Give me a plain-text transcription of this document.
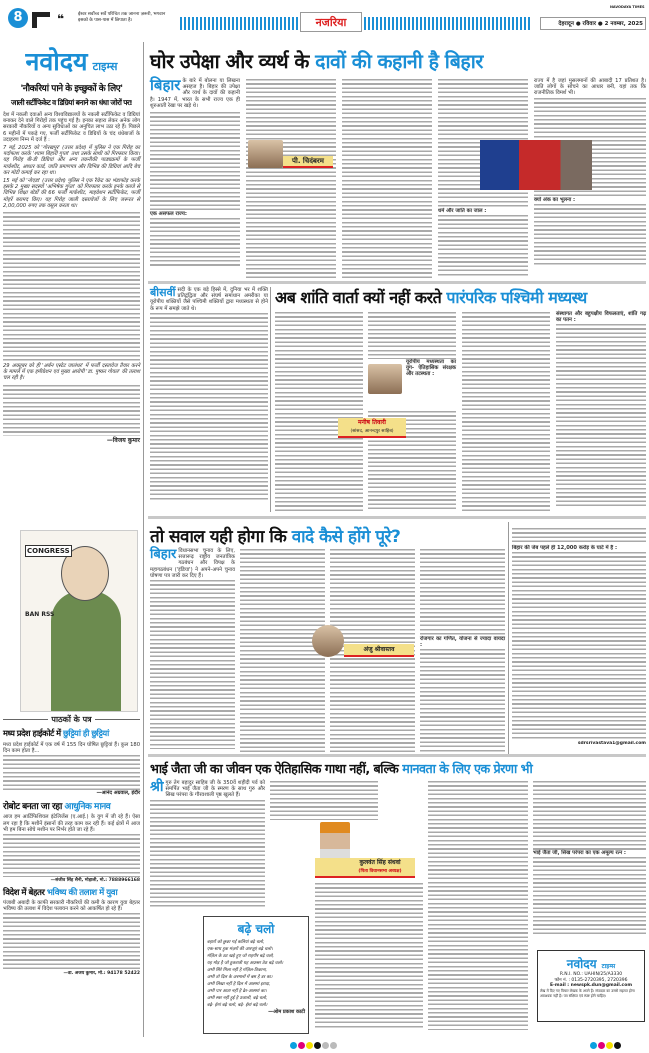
8	❝	ईश्वर सर्वोच्च सर्वे परिचित तक जानना ज़रूरी, भगवान इसको के पास-पास में छिपाता है।	नजरिया
NAVODAYA TIMES
देहरादून ● रविवार ● 2 नवम्बर, 2025
नवोदय टाइम्स
'नौकरियां पाने के इच्छुकों के लिए'
जाली सर्टीफिकेट व डिग्रियां बनाने का धंधा जोरों पर!

देश में नकली दवाओं अन्य विश्वविद्यालयों के नकली सर्टीफिकेट व डिग्रियां बनाकर देने वाले गिरोहों तक पहुंच गई है। इनका सहारा लेकर अनेक लोग सरकारी नौकरियों व अन्य सुविधाओं का अनुचित लाभ उठा रहे हैं। पिछले 6 महीनों में पकड़े गए, फर्जी सर्टीफिकेट व डिग्रियों के चंद धंधेबाजों के उदाहरण निम्न में दर्ज हैं :

7 मई, 2025 को 'गोरखपुर' (उत्तर प्रदेश) में पुलिस ने एक गिरोह का पर्दाफाश करके 'श्याम बिहारी गुप्ता' तथा उसके साथी को गिरफ्तार किया। यह गिरोह बी-डी डिग्रियां और अन्य तकनीकी पाठ्यक्रमों के फर्जी मार्कशीट, आधार कार्ड, जाति प्रमाणपत्र और विभिन्न की डिग्रियां आदि बेच कर मोटी कमाई कर रहा था।

15 मई को 'नोएडा' (उत्तर प्रदेश) पुलिस ने एक रैकेट का भंडाफोड़ करके इसके 2 मुख्य सदस्यों 'अभिषेक गुप्ता' को गिरफ्तार करके इनके कब्जे से विभिन्न शिक्षा बोर्डों की 66 फर्जी मार्कशीट, माइग्रेशन सर्टीफिकेट, फर्जी मोहरें बरामद किए। यह गिरोह जाली दस्तावेजों के लिए जरूरत से 2,00,000 रुपए तक वसूल करता था।

29 अक्तूबर को ही 'अर्बन एस्टेट जालंधर' में फर्जी दस्तावेज तैयार करने के मामले में एक इमीग्रेशन एवं मुख्य आरोपी 'डा. पुष्कर गोयल' की तलाश चल रही है।

—विजय कुमार
CONGRESS
BAN RSS
पाठकों के पत्र
मध्य प्रदेश हाईकोर्ट में छुट्टियां ही छुट्टियां

मध्य प्रदेश हाईकोर्ट में एक वर्ष में 155 दिन घोषित छुट्टियां हैं। कुल 180 दिन काम होता है...

—आनंद अग्रवाल, इंदौर
रोबोट बनता जा रहा आधुनिक मानव

आज हम आर्टिफिशियल इंटेलिजेंस (ए.आई.) के युग में जी रहे हैं। ऐसा लग रहा है कि मशीनें इंसानों की तरह काम कर रही हैं। कई क्षेत्रों में आज भी हम बिना सोचे मशीन पर निर्भर होते जा रहे हैं।

—संजीव सिंह सैनी, मोहाली, मो.: 7888966168
विदेश में बेहतर भविष्य की तलाश में युवा

पंजाबी अबादी के काफी सरकारी नौकरियों की कमी के कारण युवा बेहतर भविष्य की तलाश में विदेश पलायन करने को आकर्षित हो रहे हैं।

—डा. अजय कुमार, मो.: 94178 52422
घोर उपेक्षा और व्यर्थ के दावों की कहानी है बिहार

बिहार के बारे में बोलना या लिखना असहज है। बिहार की उपेक्षा और व्यर्थ के दावों की कहानी है। 1947 में, भारत के सभी राज्य एक ही शुरुआती रेखा पर खड़े थे।

एक असफल राज्य:
धर्म और जाति का जाल :

राज्य में है जहां मुसलमानों की आबादी 17 प्रतिशत है। जाति लोगों के सोचने का आधार बनी, यहां तक कि राजनीतिक विमर्श भी।

क्यों अंक का भूलना :
पी. चिदंबरम

बीसवीं सदी के एक बड़े हिस्से में, दुनिया भर में शक्ति प्रतिद्वंद्विता और संघर्ष समाधान अमरीका या यूरोपीय शक्तियों जैसे पश्चिमी शक्तियों द्वारा मध्यस्थता से होने के रूप में समझे जाते थे।

अब शांति वार्ता क्यों नहीं करते पारंपरिक पश्चिमी मध्यस्थ
यूरोपीय मध्यस्थता का युग- ऐतिहासिक संरक्षक और तटस्थता :
मनीष तिवारी
(सांसद, आनन्दपुर साहिब)
संस्थागत और बहुपक्षीय विफलताएं, शांति गढ़ का पतन :
तो सवाल यही होगा कि वादे कैसे होंगे पूरे?

बिहार विधानसभा चुनाव के लिए, सत्तारूढ़ राष्ट्रीय जनतांत्रिक गठबंधन और विपक्ष के महागठबंधन ('इंडिया') ने अपने-अपने चुनाव घोषणा पत्र जारी कर दिए हैं।

अंजु श्रीवास्तव
रोजगार का गणित, योजना से ज्यादा वायदा :
बिहार की जेब पहले ही 12,000 करोड़ के घाटे में है :
sdrsrivastava1@gmail.com
भाई जैता जी का जीवन एक ऐतिहासिक गाथा नहीं, बल्कि मानवता के लिए एक प्रेरणा भी

श्री गुरु तेग बहादुर साहिब जी के 350वें शहीदी पर्व को समर्पित भाई जैता जी के स्मरण के साथ गुरु और सिख परंपरा के गौरवशाली पृष्ठ खुलते हैं।

बढ़े चलो
बहारों को छुका गई कलियां बढ़े चलो,
एक-साथ हुक मंज़रों की आरज़ूएं बढ़े चलो।
मंज़िल के ठट खड़े हुए जो राहगीर बढ़े चलो,
यह मोड़ है जो ठुकराती यह अफ़सर ठेठ बढ़े चलो।
अभी सिरे मिला नहीं है मंज़िल-ठिकाना,
अभी तो दिल के अरमानों में बस है डर का।
अभी लिखा नहीं है दिल में आसमां इरादा,
अभी पार आता नहीं है ढेर-आसमां का।
अभी स्वर नहीं हुई है उजाली, बढ़े चलो,
बढ़े- ईमां बढ़े चलो, बढ़े- ईमां बढ़े चलो।
—ओम प्रकाश काटी
कुलवंत सिंह संधवां
(पिता विधानसभा अध्यक्ष)
भाई जैता जी, सिख परंपरा का एक अमूल्य रत्न :
नवोदय टाइम्स
R.N.I. NO.: UAHIN/25/A3330
फोन नं. : 0135-2720395, 2720396
E-mail : newspk.dun@gmail.com
लेख में दिए गए विचार लेखक के अपने हैं। संपादक का उससे सहमत होना आवश्यक नहीं है। पत्र संक्षिप्त एवं स्पष्ट होने चाहिए।
